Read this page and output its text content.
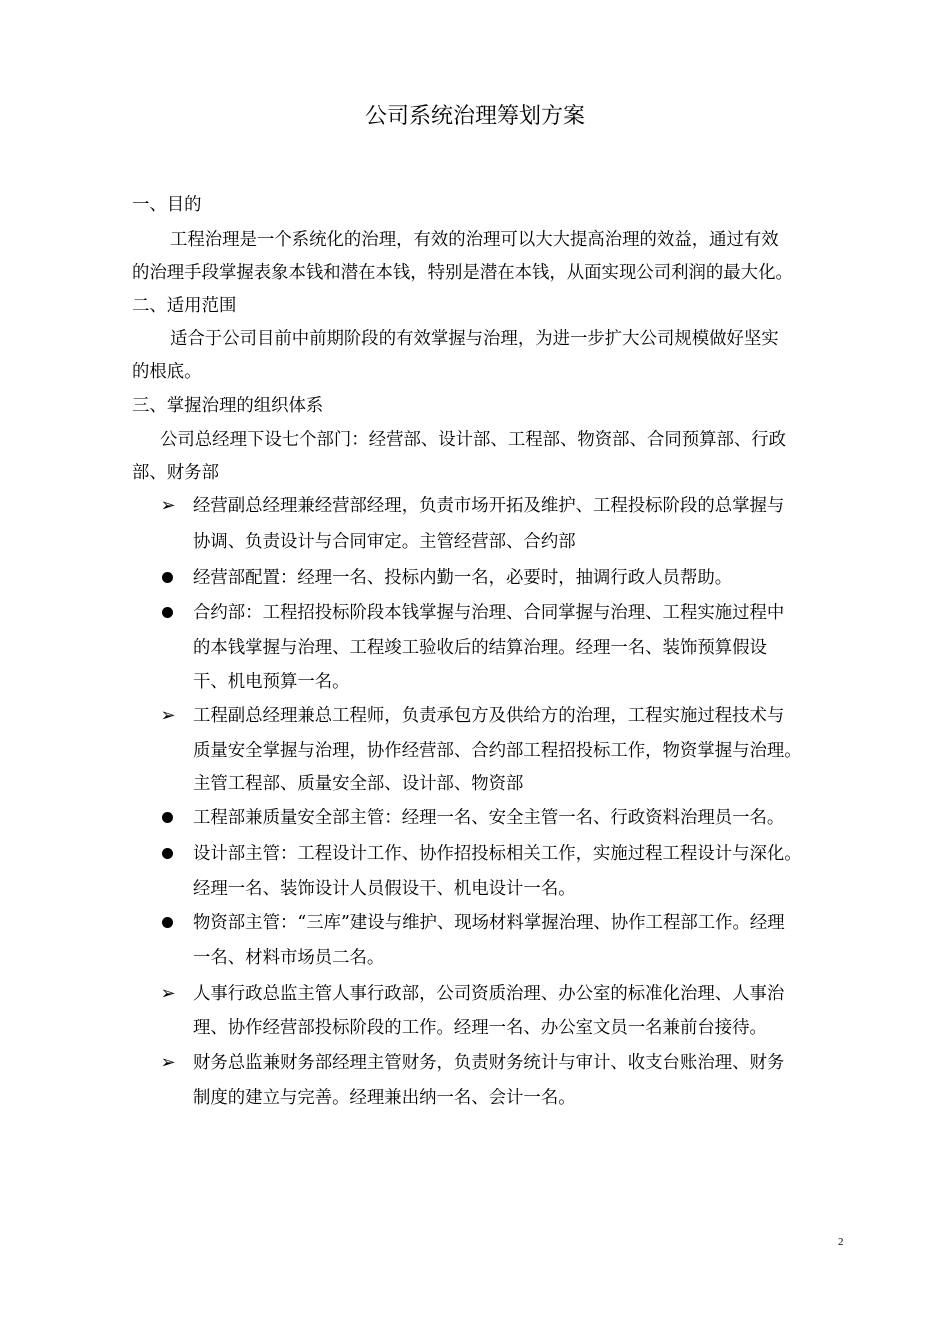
公司系统治理筹划方案
一、目的
工程治理是一个系统化的治理，有效的治理可以大大提高治理的效益，通过有效
的治理手段掌握表象本钱和潜在本钱，特别是潜在本钱，从面实现公司利润的最大化。
二、适用范围
适合于公司目前中前期阶段的有效掌握与治理，为进一步扩大公司规模做好坚实
的根底。
三、掌握治理的组织体系
公司总经理下设七个部门：经营部、设计部、工程部、物资部、合同预算部、行政
部、财务部
➢ 经营副总经理兼经营部经理，负责市场开拓及维护、工程投标阶段的总掌握与
协调、负责设计与合同审定。主管经营部、合约部
经营部配置：经理一名、投标内勤一名，必要时，抽调行政人员帮助。
合约部：工程招投标阶段本钱掌握与治理、合同掌握与治理、工程实施过程中
的本钱掌握与治理、工程竣工验收后的结算治理。经理一名、装饰预算假设
干、机电预算一名。
➢ 工程副总经理兼总工程师，负责承包方及供给方的治理，工程实施过程技术与
质量安全掌握与治理，协作经营部、合约部工程招投标工作，物资掌握与治理。
主管工程部、质量安全部、设计部、物资部
工程部兼质量安全部主管：经理一名、安全主管一名、行政资料治理员一名。
设计部主管：工程设计工作、协作招投标相关工作，实施过程工程设计与深化。
经理一名、装饰设计人员假设干、机电设计一名。
物资部主管：“三库”建设与维护、现场材料掌握治理、协作工程部工作。经理
一名、材料市场员二名。
➢ 人事行政总监主管人事行政部，公司资质治理、办公室的标准化治理、人事治
理、协作经营部投标阶段的工作。经理一名、办公室文员一名兼前台接待。
➢ 财务总监兼财务部经理主管财务，负责财务统计与审计、收支台账治理、财务
制度的建立与完善。经理兼出纳一名、会计一名。
2
